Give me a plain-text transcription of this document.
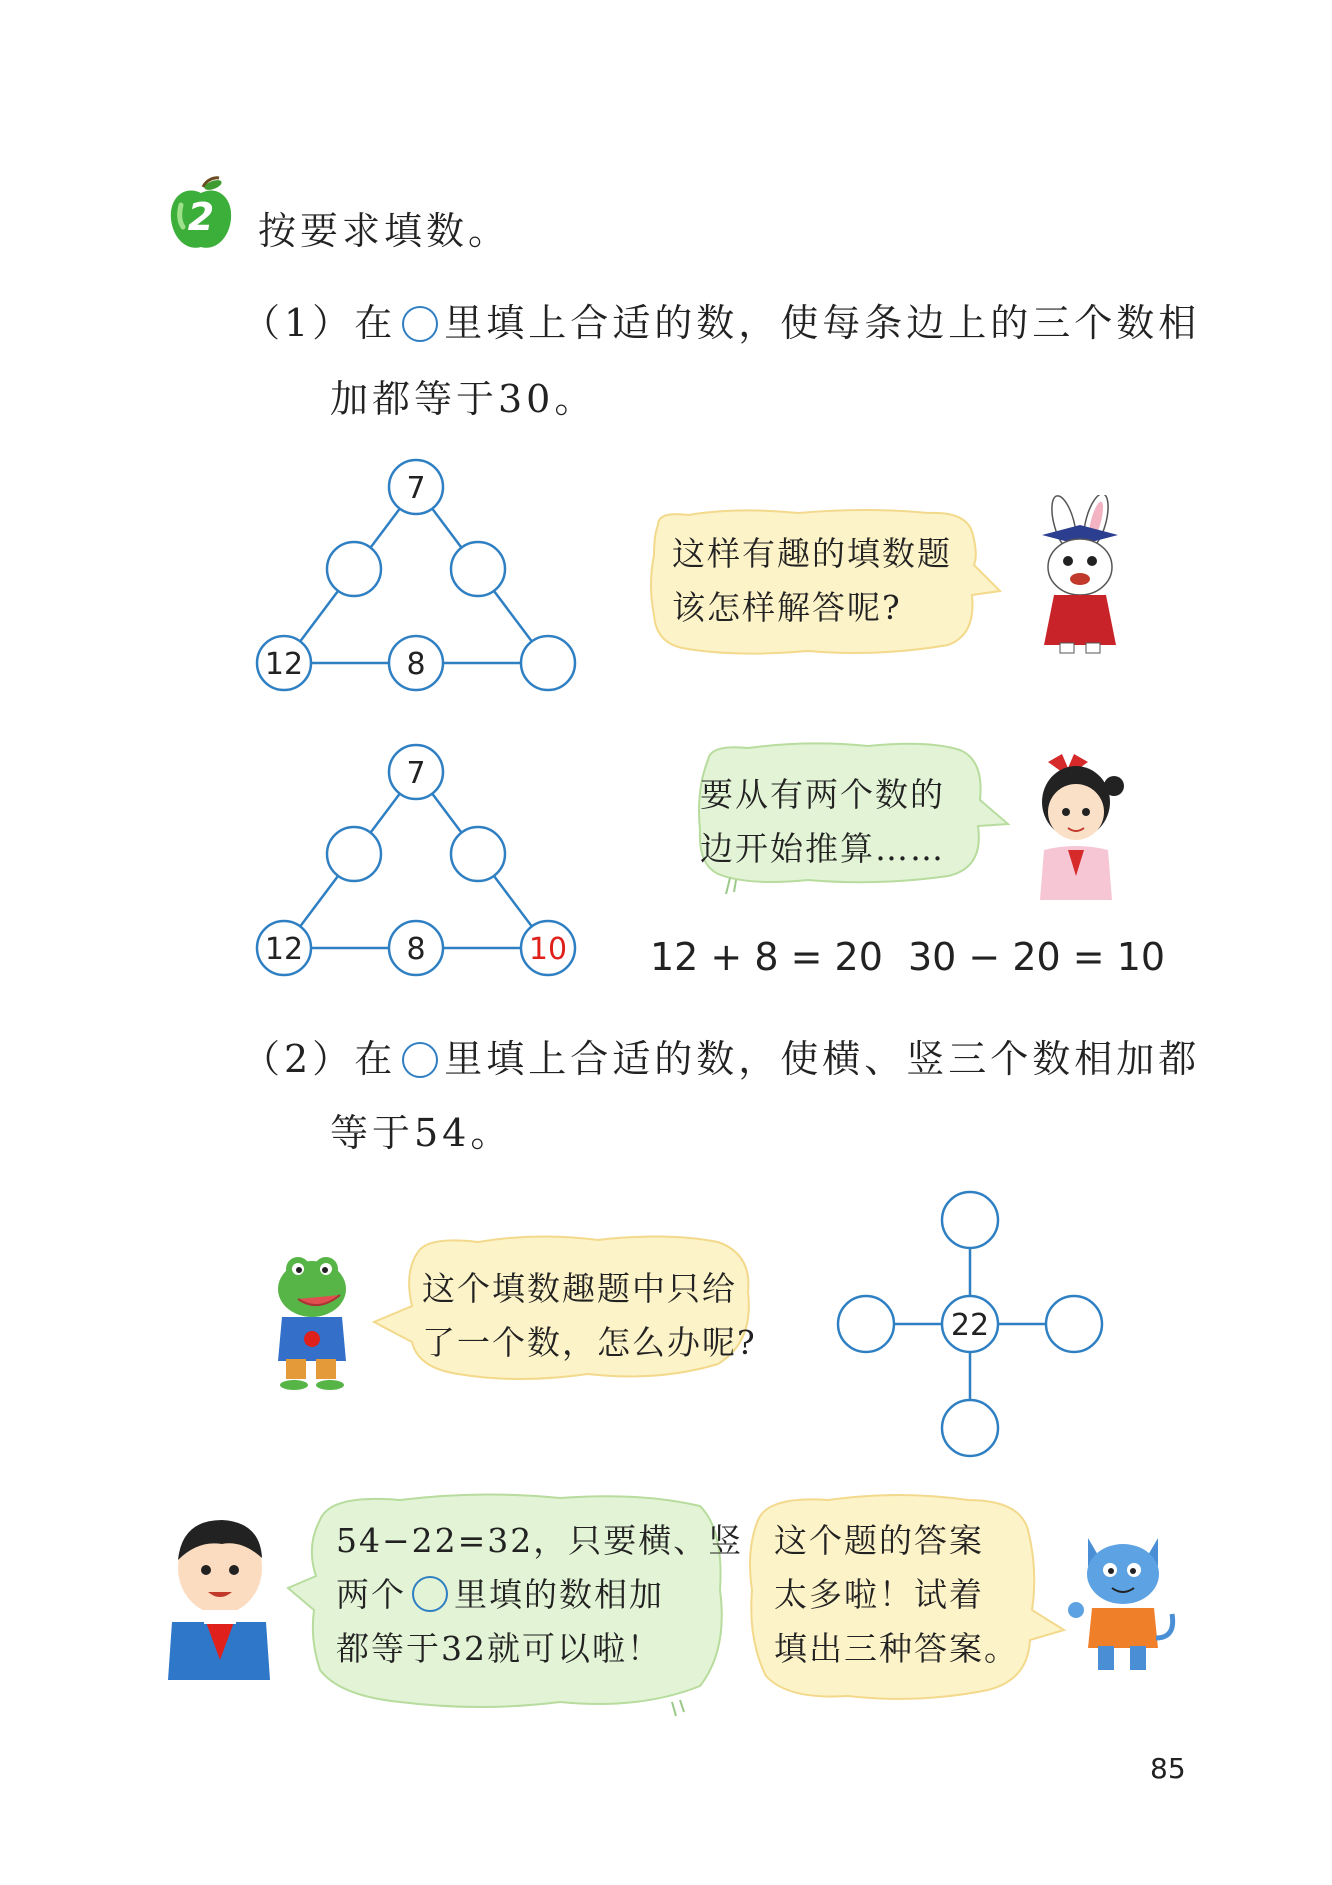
2	按要求填数。
（1）在 里填上合适的数，使每条边上的三个数相
加都等于30。
7
12	8
这样有趣的填数题
该怎样解答呢?
7
12	8	10
要从有两个数的
边开始推算……
12 + 8 = 20 30 − 20 = 10
（2）在 里填上合适的数，使横、竖三个数相加都
等于54。
这个填数趣题中只给
了一个数，怎么办呢?	22
54−22=32，只要横、竖
两个 里填的数相加
都等于32就可以啦！
这个题的答案
太多啦！试着
填出三种答案。
85
